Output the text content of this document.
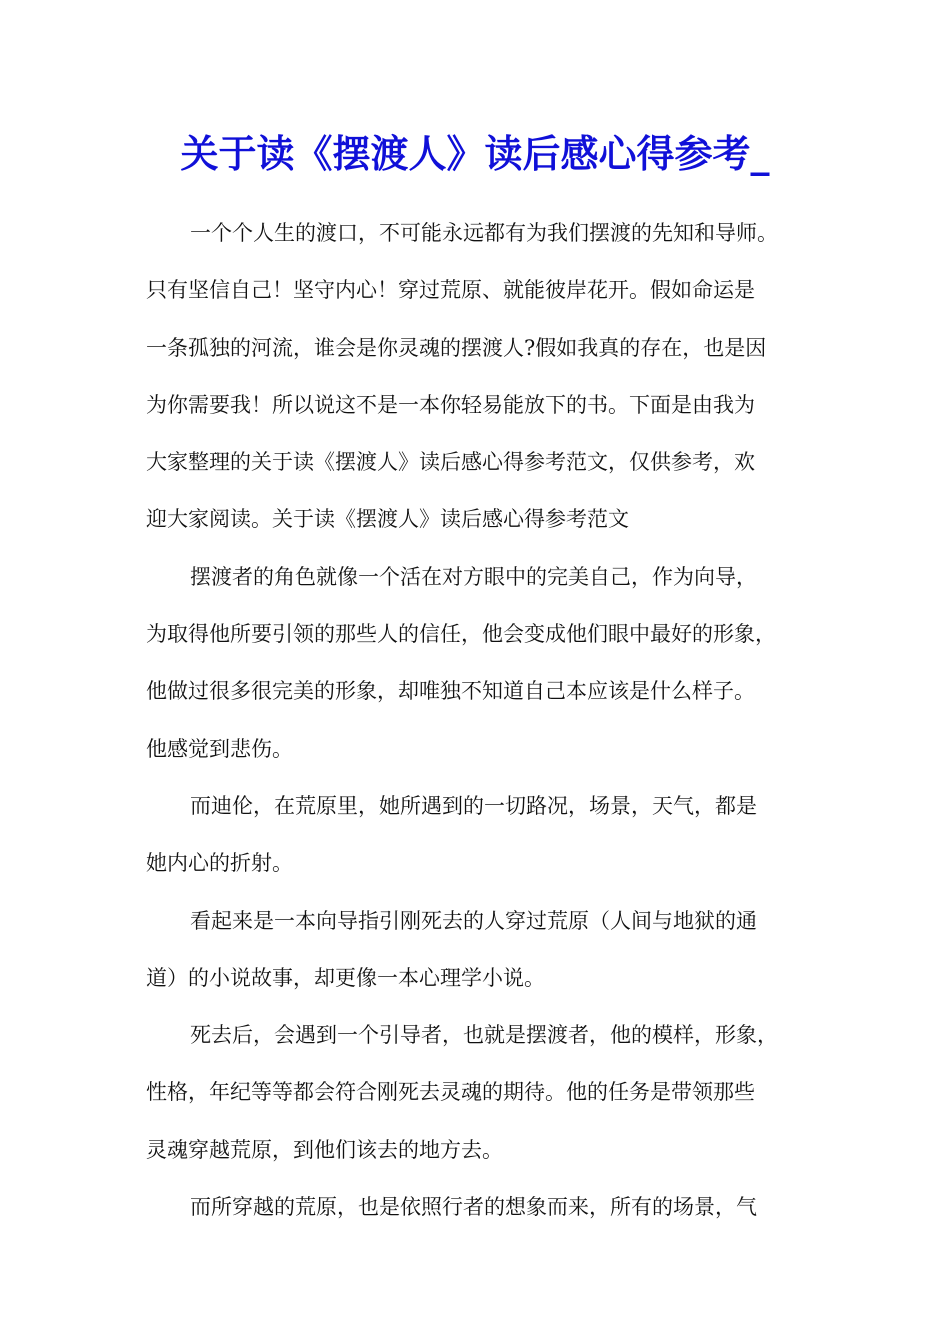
关于读《摆渡人》读后感心得参考_
一个个人生的渡口，不可能永远都有为我们摆渡的先知和导师。
只有坚信自己！坚守内心！穿过荒原、就能彼岸花开。假如命运是
一条孤独的河流，谁会是你灵魂的摆渡人?假如我真的存在，也是因
为你需要我！所以说这不是一本你轻易能放下的书。下面是由我为
大家整理的关于读《摆渡人》读后感心得参考范文，仅供参考，欢
迎大家阅读。关于读《摆渡人》读后感心得参考范文
摆渡者的角色就像一个活在对方眼中的完美自己，作为向导，
为取得他所要引领的那些人的信任，他会变成他们眼中最好的形象，
他做过很多很完美的形象，却唯独不知道自己本应该是什么样子。
他感觉到悲伤。
而迪伦，在荒原里，她所遇到的一切路况，场景，天气，都是
她内心的折射。
看起来是一本向导指引刚死去的人穿过荒原（人间与地狱的通
道）的小说故事，却更像一本心理学小说。
死去后，会遇到一个引导者，也就是摆渡者，他的模样，形象，
性格，年纪等等都会符合刚死去灵魂的期待。他的任务是带领那些
灵魂穿越荒原，到他们该去的地方去。
而所穿越的荒原，也是依照行者的想象而来，所有的场景，气
